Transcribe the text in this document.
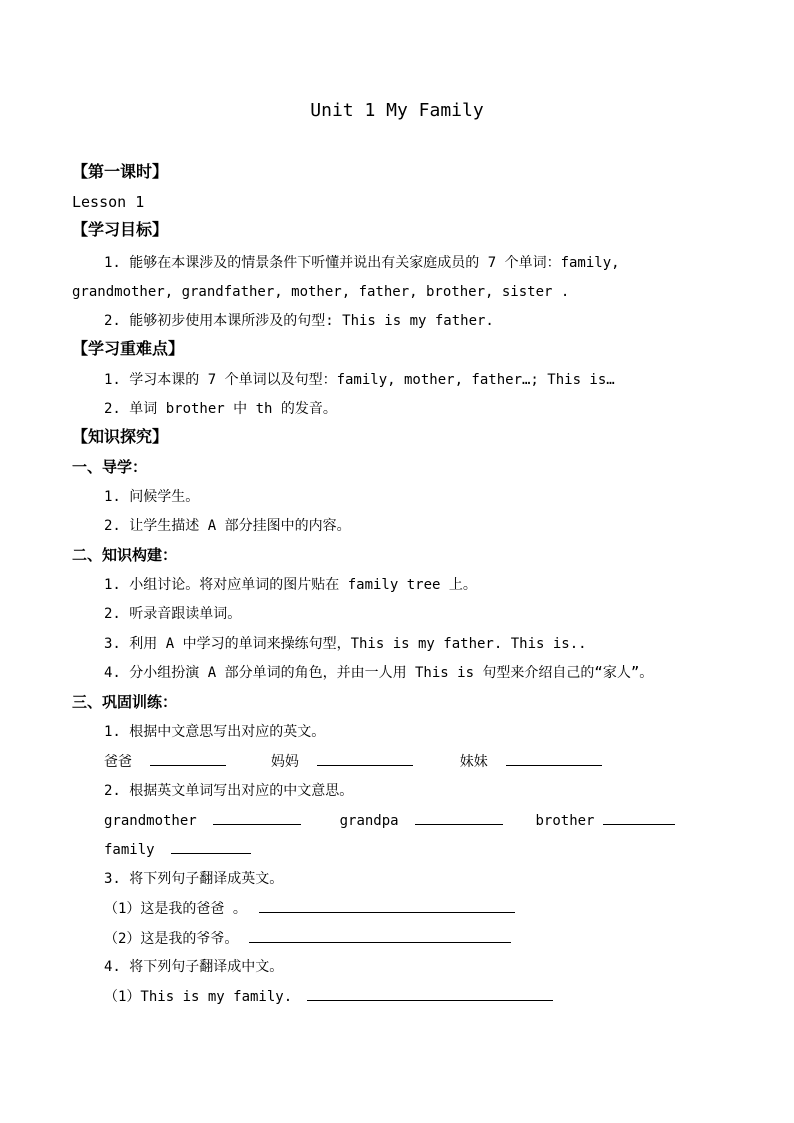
Unit 1 My Family
【第一课时】
Lesson 1
【学习目标】
1. 能够在本课涉及的情景条件下听懂并说出有关家庭成员的 7 个单词：family,
grandmother, grandfather, mother, father, brother, sister .
2. 能够初步使用本课所涉及的句型: This is my father.
【学习重难点】
1. 学习本课的 7 个单词以及句型：family, mother, father…; This is…
2. 单词 brother 中 th 的发音。
【知识探究】
一、导学：
1. 问候学生。
2. 让学生描述 A 部分挂图中的内容。
二、知识构建：
1. 小组讨论。将对应单词的图片贴在 family tree 上。
2. 听录音跟读单词。
3. 利用 A 中学习的单词来操练句型，This is my father. This is..
4. 分小组扮演 A 部分单词的角色，并由一人用 This is 句型来介绍自己的“家人”。
三、巩固训练：
1. 根据中文意思写出对应的英文。
爸爸	妈妈	妹妹
2. 根据英文单词写出对应的中文意思。
grandmother	grandpa	brother
family
3. 将下列句子翻译成英文。
（1）这是我的爸爸 。
（2）这是我的爷爷。
4. 将下列句子翻译成中文。
（1）This is my family.
